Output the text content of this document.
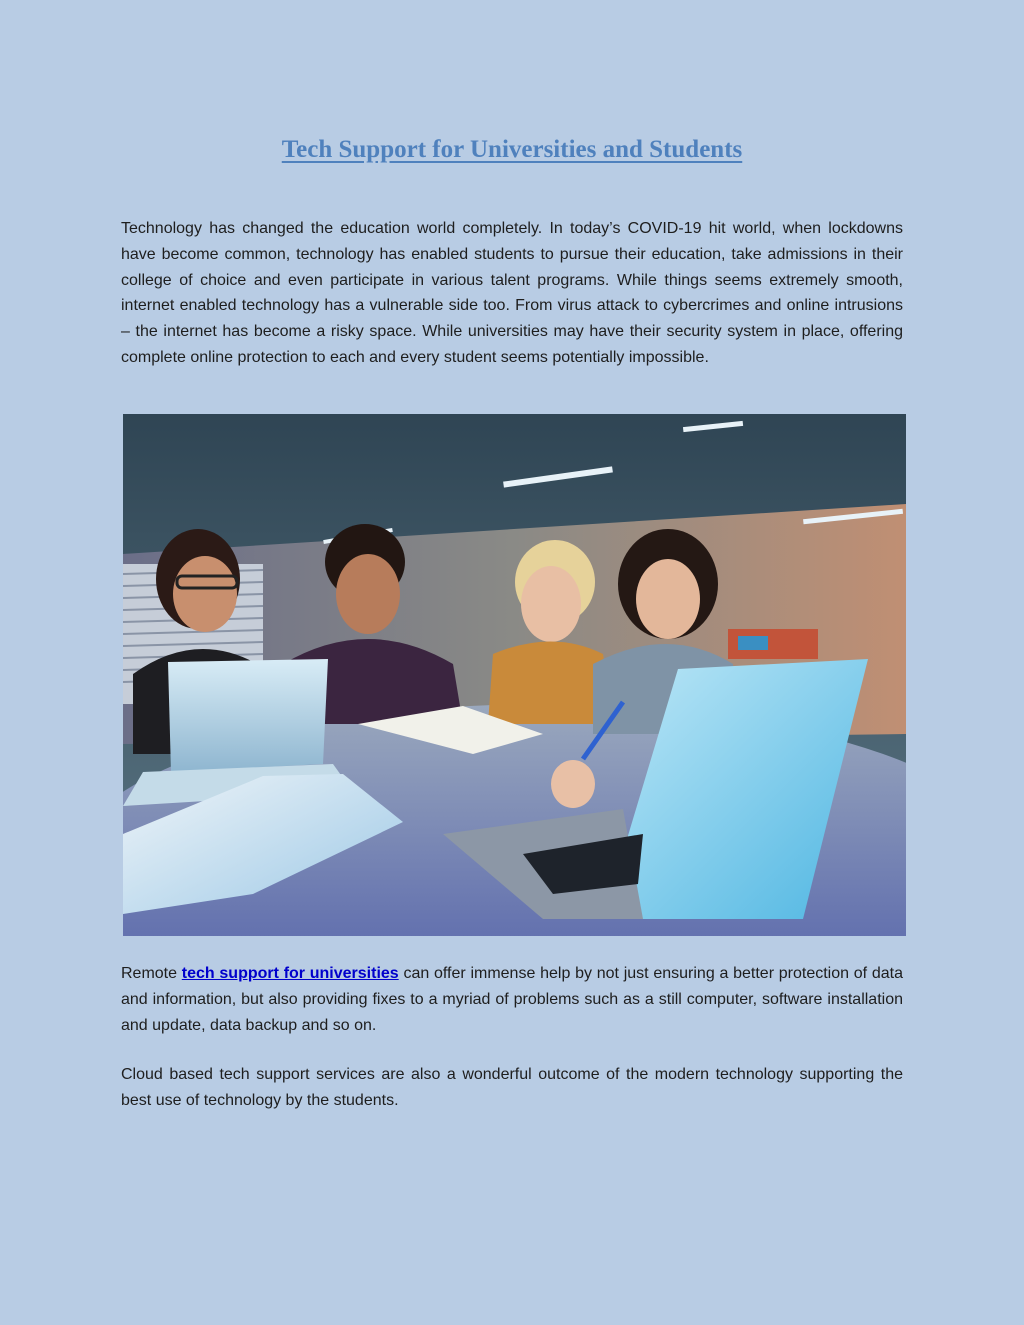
Tech Support for Universities and Students

Technology has changed the education world completely. In today’s COVID-19 hit world, when lockdowns have become common, technology has enabled students to pursue their education, take admissions in their college of choice and even participate in various talent programs. While things seems extremely smooth, internet enabled technology has a vulnerable side too. From virus attack to cybercrimes and online intrusions – the internet has become a risky space. While universities may have their security system in place, offering complete online protection to each and every student seems potentially impossible.

Remote tech support for universities can offer immense help by not just ensuring a better protection of data and information, but also providing fixes to a myriad of problems such as a still computer, software installation and update, data backup and so on.

Cloud based tech support services are also a wonderful outcome of the modern technology supporting the best use of technology by the students.
